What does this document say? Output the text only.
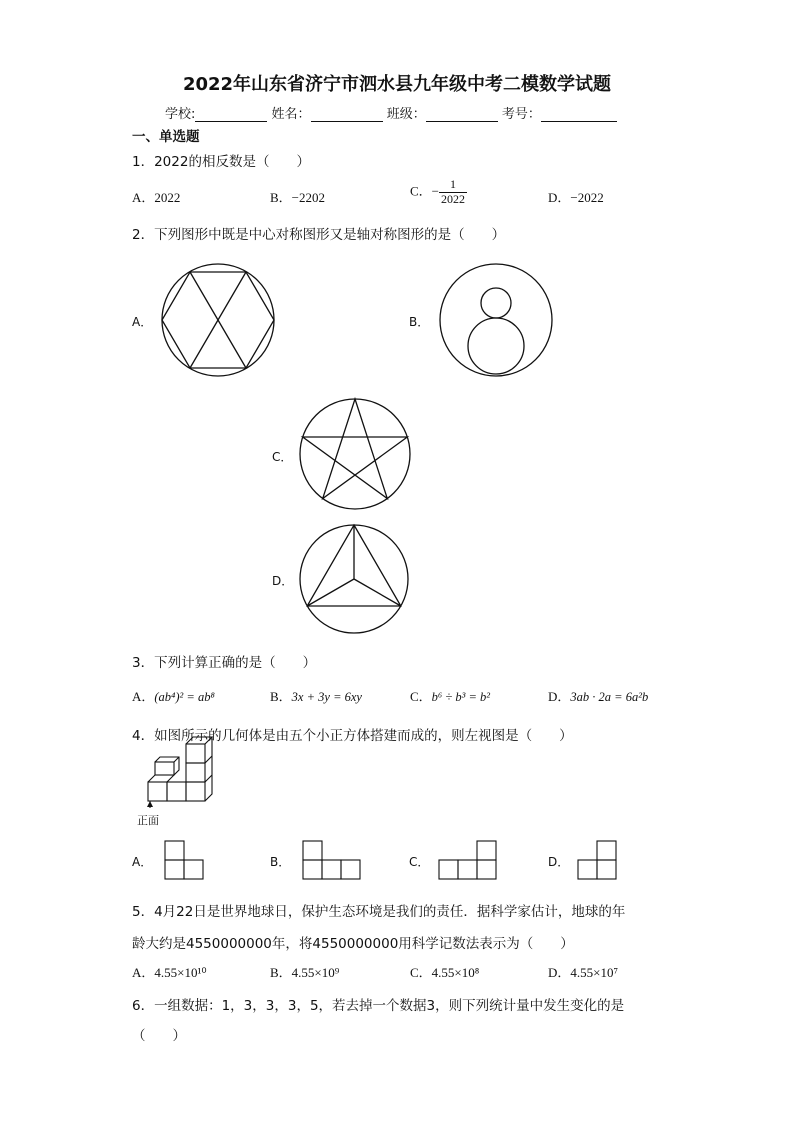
2022年山东省济宁市泗水县九年级中考二模数学试题
学校:	姓名：	班级：	考号：
一、单选题
1．2022的相反数是（　　）
A．2022	B．−2202	C．− $\frac{1}{2022}$	D．−2022
2．下列图形中既是中心对称图形又是轴对称图形的是（　　）
A．	B．
C．
D．
3．下列计算正确的是（　　）
A．(ab⁴)² = ab⁸	B．3x + 3y = 6xy	C．b⁶ ÷ b³ = b²	D．3ab · 2a = 6a²b
4．如图所示的几何体是由五个小正方体搭建而成的，则左视图是（　　）
正面
A．	B．	C．	D．
5．4月22日是世界地球日，保护生态环境是我们的责任．据科学家估计，地球的年
龄大约是4550000000年，将4550000000用科学记数法表示为（　　）
A．4.55×10¹⁰	B．4.55×10⁹	C．4.55×10⁸	D．4.55×10⁷
6．一组数据：1，3，3，3，5，若去掉一个数据3，则下列统计量中发生变化的是
（　　）
